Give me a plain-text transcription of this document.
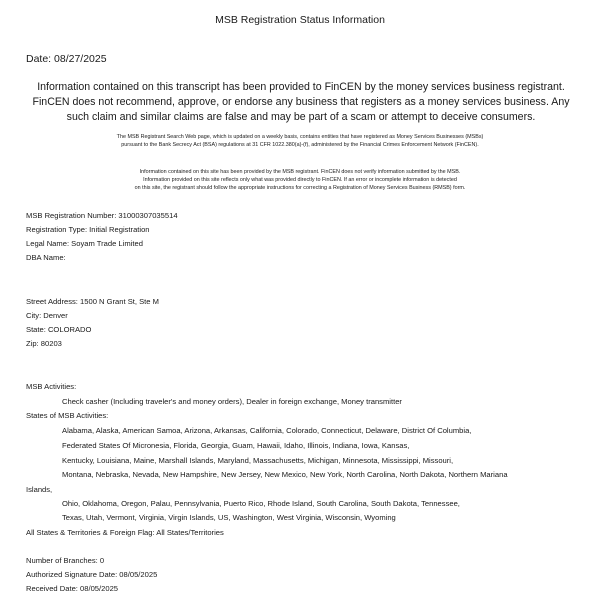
MSB Registration Status Information
Date: 08/27/2025
Information contained on this transcript has been provided to FinCEN by the money services business registrant. FinCEN does not recommend, approve, or endorse any business that registers as a money services business. Any such claim and similar claims are false and may be part of a scam or attempt to deceive consumers.
The MSB Registrant Search Web page, which is updated on a weekly basis, contains entities that have registered as Money Services Businesses (MSBs)
pursuant to the Bank Secrecy Act (BSA) regulations at 31 CFR 1022.380(a)-(f), administered by the Financial Crimes Enforcement Network (FinCEN).
Information contained on this site has been provided by the MSB registrant. FinCEN does not verify information submitted by the MSB.
Information provided on this site reflects only what was provided directly to FinCEN. If an error or incomplete information is detected
on this site, the registrant should follow the appropriate instructions for correcting a Registration of Money Services Business (RMSB) form.
MSB Registration Number: 31000307035514
Registration Type: Initial Registration
Legal Name: Soyam Trade Limited
DBA Name:
Street Address: 1500 N Grant St, Ste M
City: Denver
State: COLORADO
Zip: 80203
MSB Activities:
Check casher (Including traveler's and money orders), Dealer in foreign exchange, Money transmitter
States of MSB Activities:
Alabama, Alaska, American Samoa, Arizona, Arkansas, California, Colorado, Connecticut, Delaware, District Of Columbia,
Federated States Of Micronesia, Florida, Georgia, Guam, Hawaii, Idaho, Illinois, Indiana, Iowa, Kansas,
Kentucky, Louisiana, Maine, Marshall Islands, Maryland, Massachusetts, Michigan, Minnesota, Mississippi, Missouri,
Montana, Nebraska, Nevada, New Hampshire, New Jersey, New Mexico, New York, North Carolina, North Dakota, Northern Mariana
Islands,
Ohio, Oklahoma, Oregon, Palau, Pennsylvania, Puerto Rico, Rhode Island, South Carolina, South Dakota, Tennessee,
Texas, Utah, Vermont, Virginia, Virgin Islands, US, Washington, West Virginia, Wisconsin, Wyoming
All States & Territories & Foreign Flag: All States/Territories
Number of Branches: 0
Authorized Signature Date: 08/05/2025
Received Date: 08/05/2025
